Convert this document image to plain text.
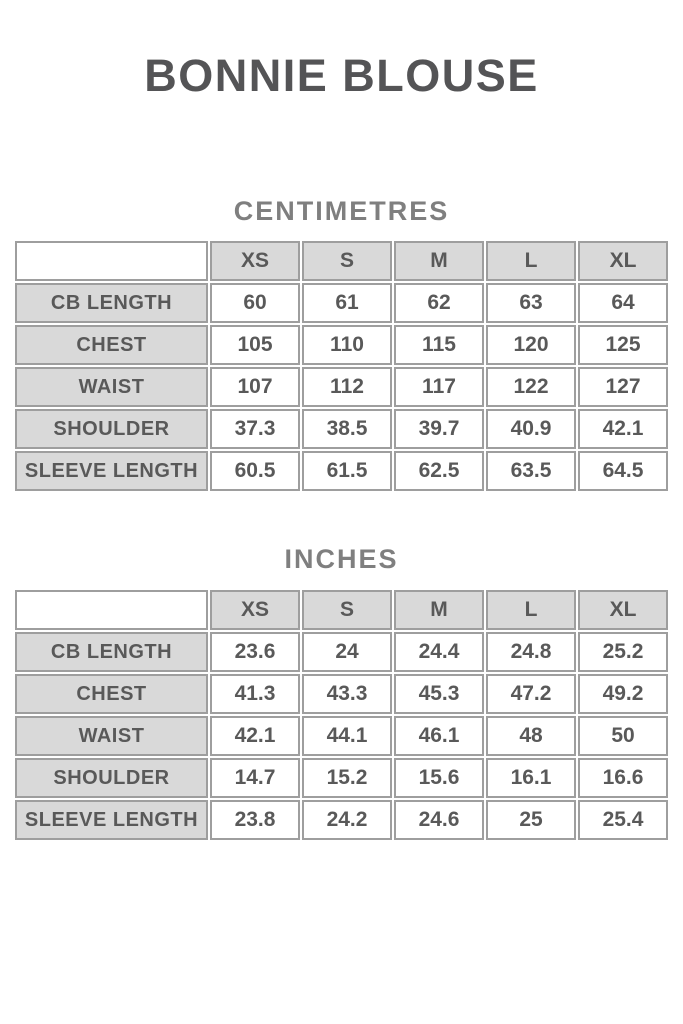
BONNIE BLOUSE
CENTIMETRES
	XS	S	M	L	XL
CB LENGTH	60	61	62	63	64
CHEST	105	110	115	120	125
WAIST	107	112	117	122	127
SHOULDER	37.3	38.5	39.7	40.9	42.1
SLEEVE LENGTH	60.5	61.5	62.5	63.5	64.5
INCHES
	XS	S	M	L	XL
CB LENGTH	23.6	24	24.4	24.8	25.2
CHEST	41.3	43.3	45.3	47.2	49.2
WAIST	42.1	44.1	46.1	48	50
SHOULDER	14.7	15.2	15.6	16.1	16.6
SLEEVE LENGTH	23.8	24.2	24.6	25	25.4
